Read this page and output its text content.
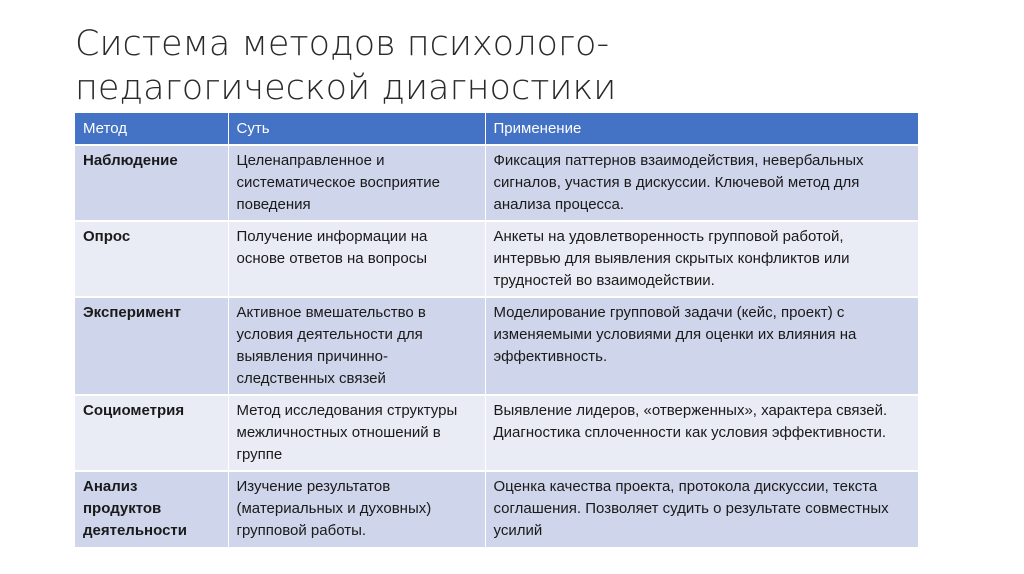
Система методов психолого-
педагогической диагностики
Метод	Суть	Применение
Наблюдение	Целенаправленное и систематическое восприятие поведения	Фиксация паттернов взаимодействия, невербальных сигналов, участия в дискуссии. Ключевой метод для анализа процесса.
Опрос	Получение информации на основе ответов на вопросы	Анкеты на удовлетворенность групповой работой, интервью для выявления скрытых конфликтов или трудностей во взаимодействии.
Эксперимент	Активное вмешательство в условия деятельности для выявления причинно-следственных связей	Моделирование групповой задачи (кейс, проект) с изменяемыми условиями для оценки их влияния на эффективность.
Социометрия	Метод исследования структуры межличностных отношений в группе	Выявление лидеров, «отверженных», характера связей. Диагностика сплоченности как условия эффективности.
Анализ продуктов деятельности	Изучение результатов (материальных и духовных) групповой работы.	Оценка качества проекта, протокола дискуссии, текста соглашения. Позволяет судить о результате совместных усилий
